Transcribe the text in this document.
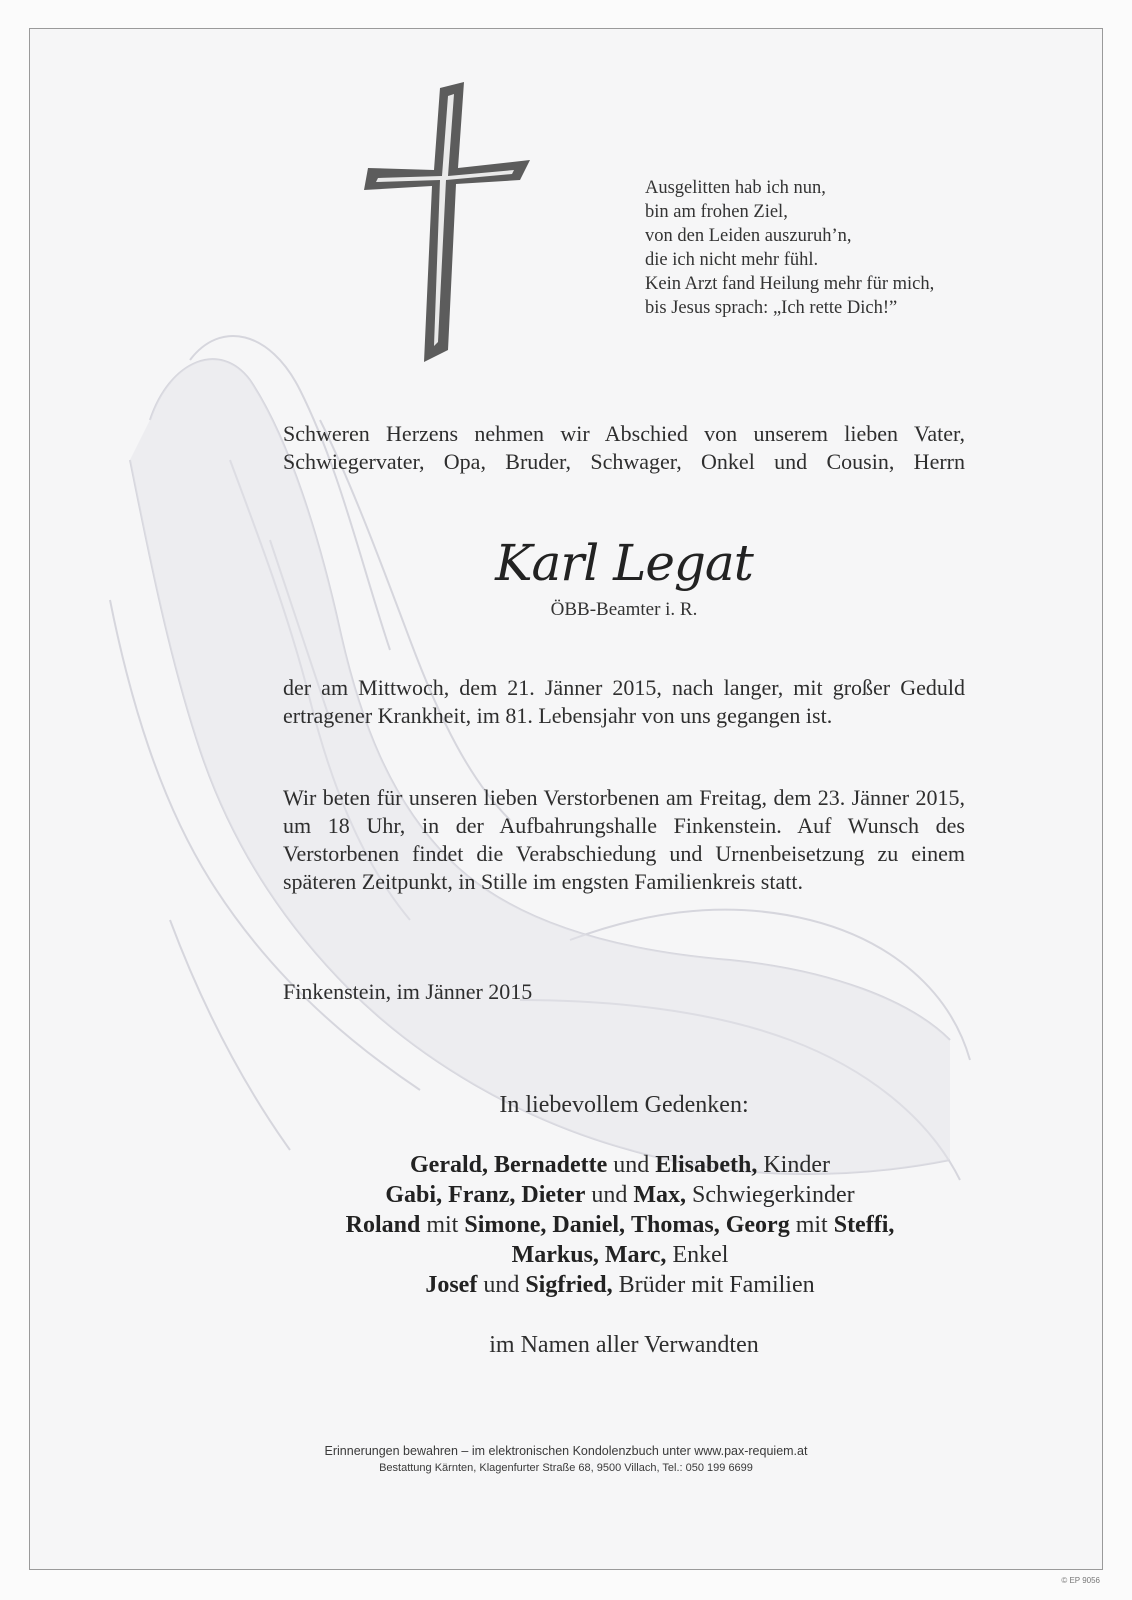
Ausgelitten hab ich nun,
bin am frohen Ziel,
von den Leiden auszuruh’n,
die ich nicht mehr fühl.
Kein Arzt fand Heilung mehr für mich,
bis Jesus sprach: „Ich rette Dich!”
Schweren Herzens nehmen wir Abschied von unserem lieben Vater,
Schwiegervater, Opa, Bruder, Schwager, Onkel und Cousin, Herrn
Karl Legat
ÖBB-Beamter i. R.
der am Mittwoch, dem 21. Jänner 2015, nach langer, mit großer Geduld ertragener Krankheit, im 81. Lebensjahr von uns gegangen ist.
Wir beten für unseren lieben Verstorbenen am Freitag, dem 23. Jänner 2015, um 18 Uhr, in der Aufbahrungshalle Finkenstein. Auf Wunsch des Verstorbenen findet die Verabschiedung und Urnenbeisetzung zu einem späteren Zeitpunkt, in Stille im engsten Familienkreis statt.
Finkenstein, im Jänner 2015
In liebevollem Gedenken:
Gerald, Bernadette und Elisabeth, Kinder
Gabi, Franz, Dieter und Max, Schwiegerkinder
Roland mit Simone, Daniel, Thomas, Georg mit Steffi,
Markus, Marc, Enkel
Josef und Sigfried, Brüder mit Familien
im Namen aller Verwandten
Erinnerungen bewahren – im elektronischen Kondolenzbuch unter www.pax-requiem.at
Bestattung Kärnten, Klagenfurter Straße 68, 9500 Villach, Tel.: 050 199 6699
© EP 9056
